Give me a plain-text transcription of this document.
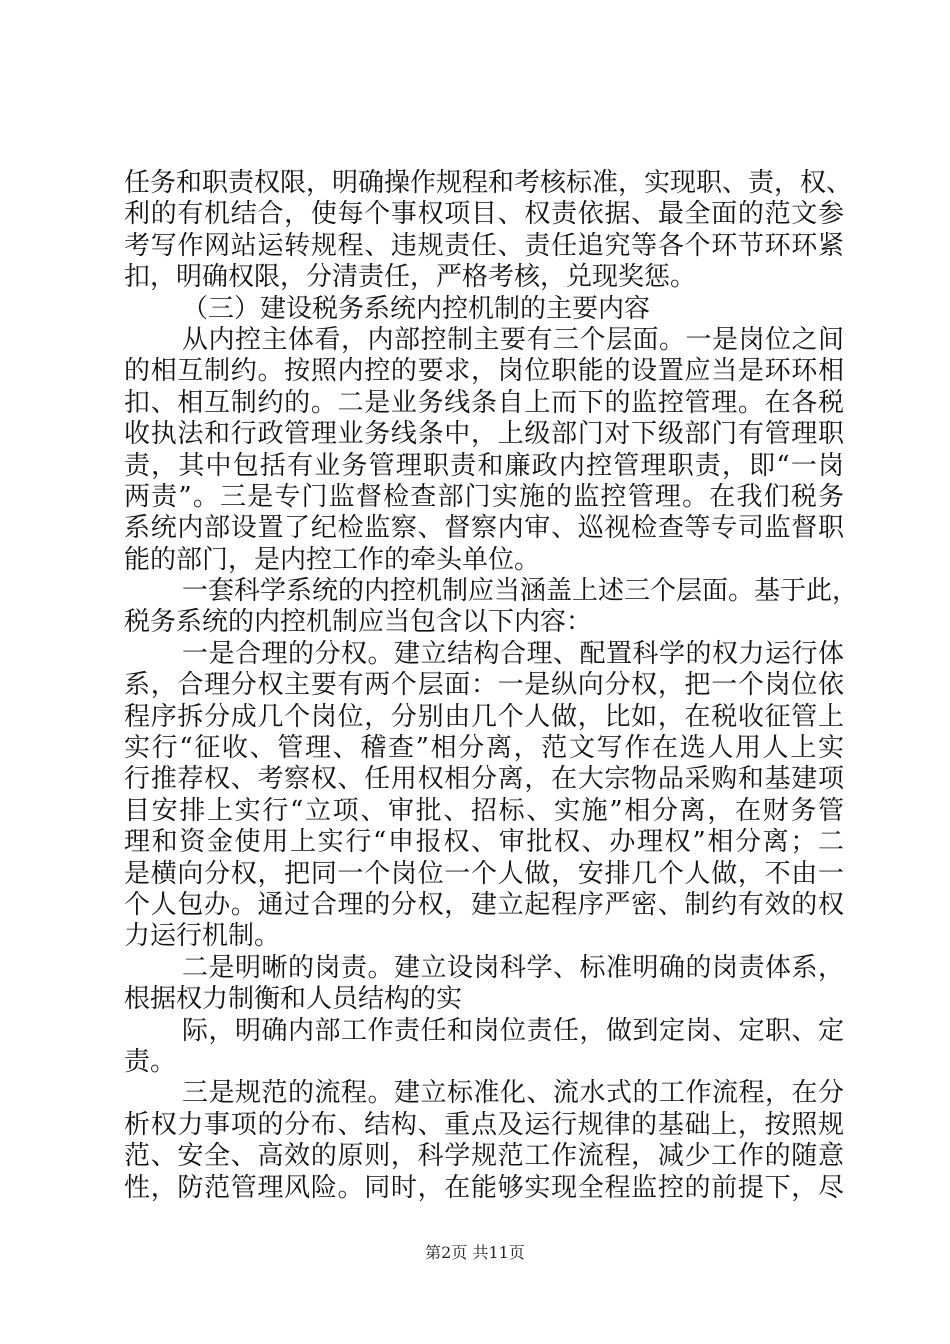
任务和职责权限，明确操作规程和考核标准，实现职、责，权、
利的有机结合，使每个事权项目、权责依据、最全面的范文参
考写作网站运转规程、违规责任、责任追究等各个环节环环紧
扣，明确权限，分清责任，严格考核，兑现奖惩。
（三）建设税务系统内控机制的主要内容
从内控主体看，内部控制主要有三个层面。一是岗位之间
的相互制约。按照内控的要求，岗位职能的设置应当是环环相
扣、相互制约的。二是业务线条自上而下的监控管理。在各税
收执法和行政管理业务线条中，上级部门对下级部门有管理职
责，其中包括有业务管理职责和廉政内控管理职责，即“一岗
两责”。三是专门监督检查部门实施的监控管理。在我们税务
系统内部设置了纪检监察、督察内审、巡视检查等专司监督职
能的部门，是内控工作的牵头单位。
一套科学系统的内控机制应当涵盖上述三个层面。基于此，
税务系统的内控机制应当包含以下内容：
一是合理的分权。建立结构合理、配置科学的权力运行体
系，合理分权主要有两个层面：一是纵向分权，把一个岗位依
程序拆分成几个岗位，分别由几个人做，比如，在税收征管上
实行“征收、管理、稽查”相分离，范文写作在选人用人上实
行推荐权、考察权、任用权相分离，在大宗物品采购和基建项
目安排上实行“立项、审批、招标、实施”相分离，在财务管
理和资金使用上实行“申报权、审批权、办理权”相分离；二
是横向分权，把同一个岗位一个人做，安排几个人做，不由一
个人包办。通过合理的分权，建立起程序严密、制约有效的权
力运行机制。
二是明晰的岗责。建立设岗科学、标准明确的岗责体系，
根据权力制衡和人员结构的实
际，明确内部工作责任和岗位责任，做到定岗、定职、定
责。
三是规范的流程。建立标准化、流水式的工作流程，在分
析权力事项的分布、结构、重点及运行规律的基础上，按照规
范、安全、高效的原则，科学规范工作流程，减少工作的随意
性，防范管理风险。同时，在能够实现全程监控的前提下，尽
第2页 共11页
